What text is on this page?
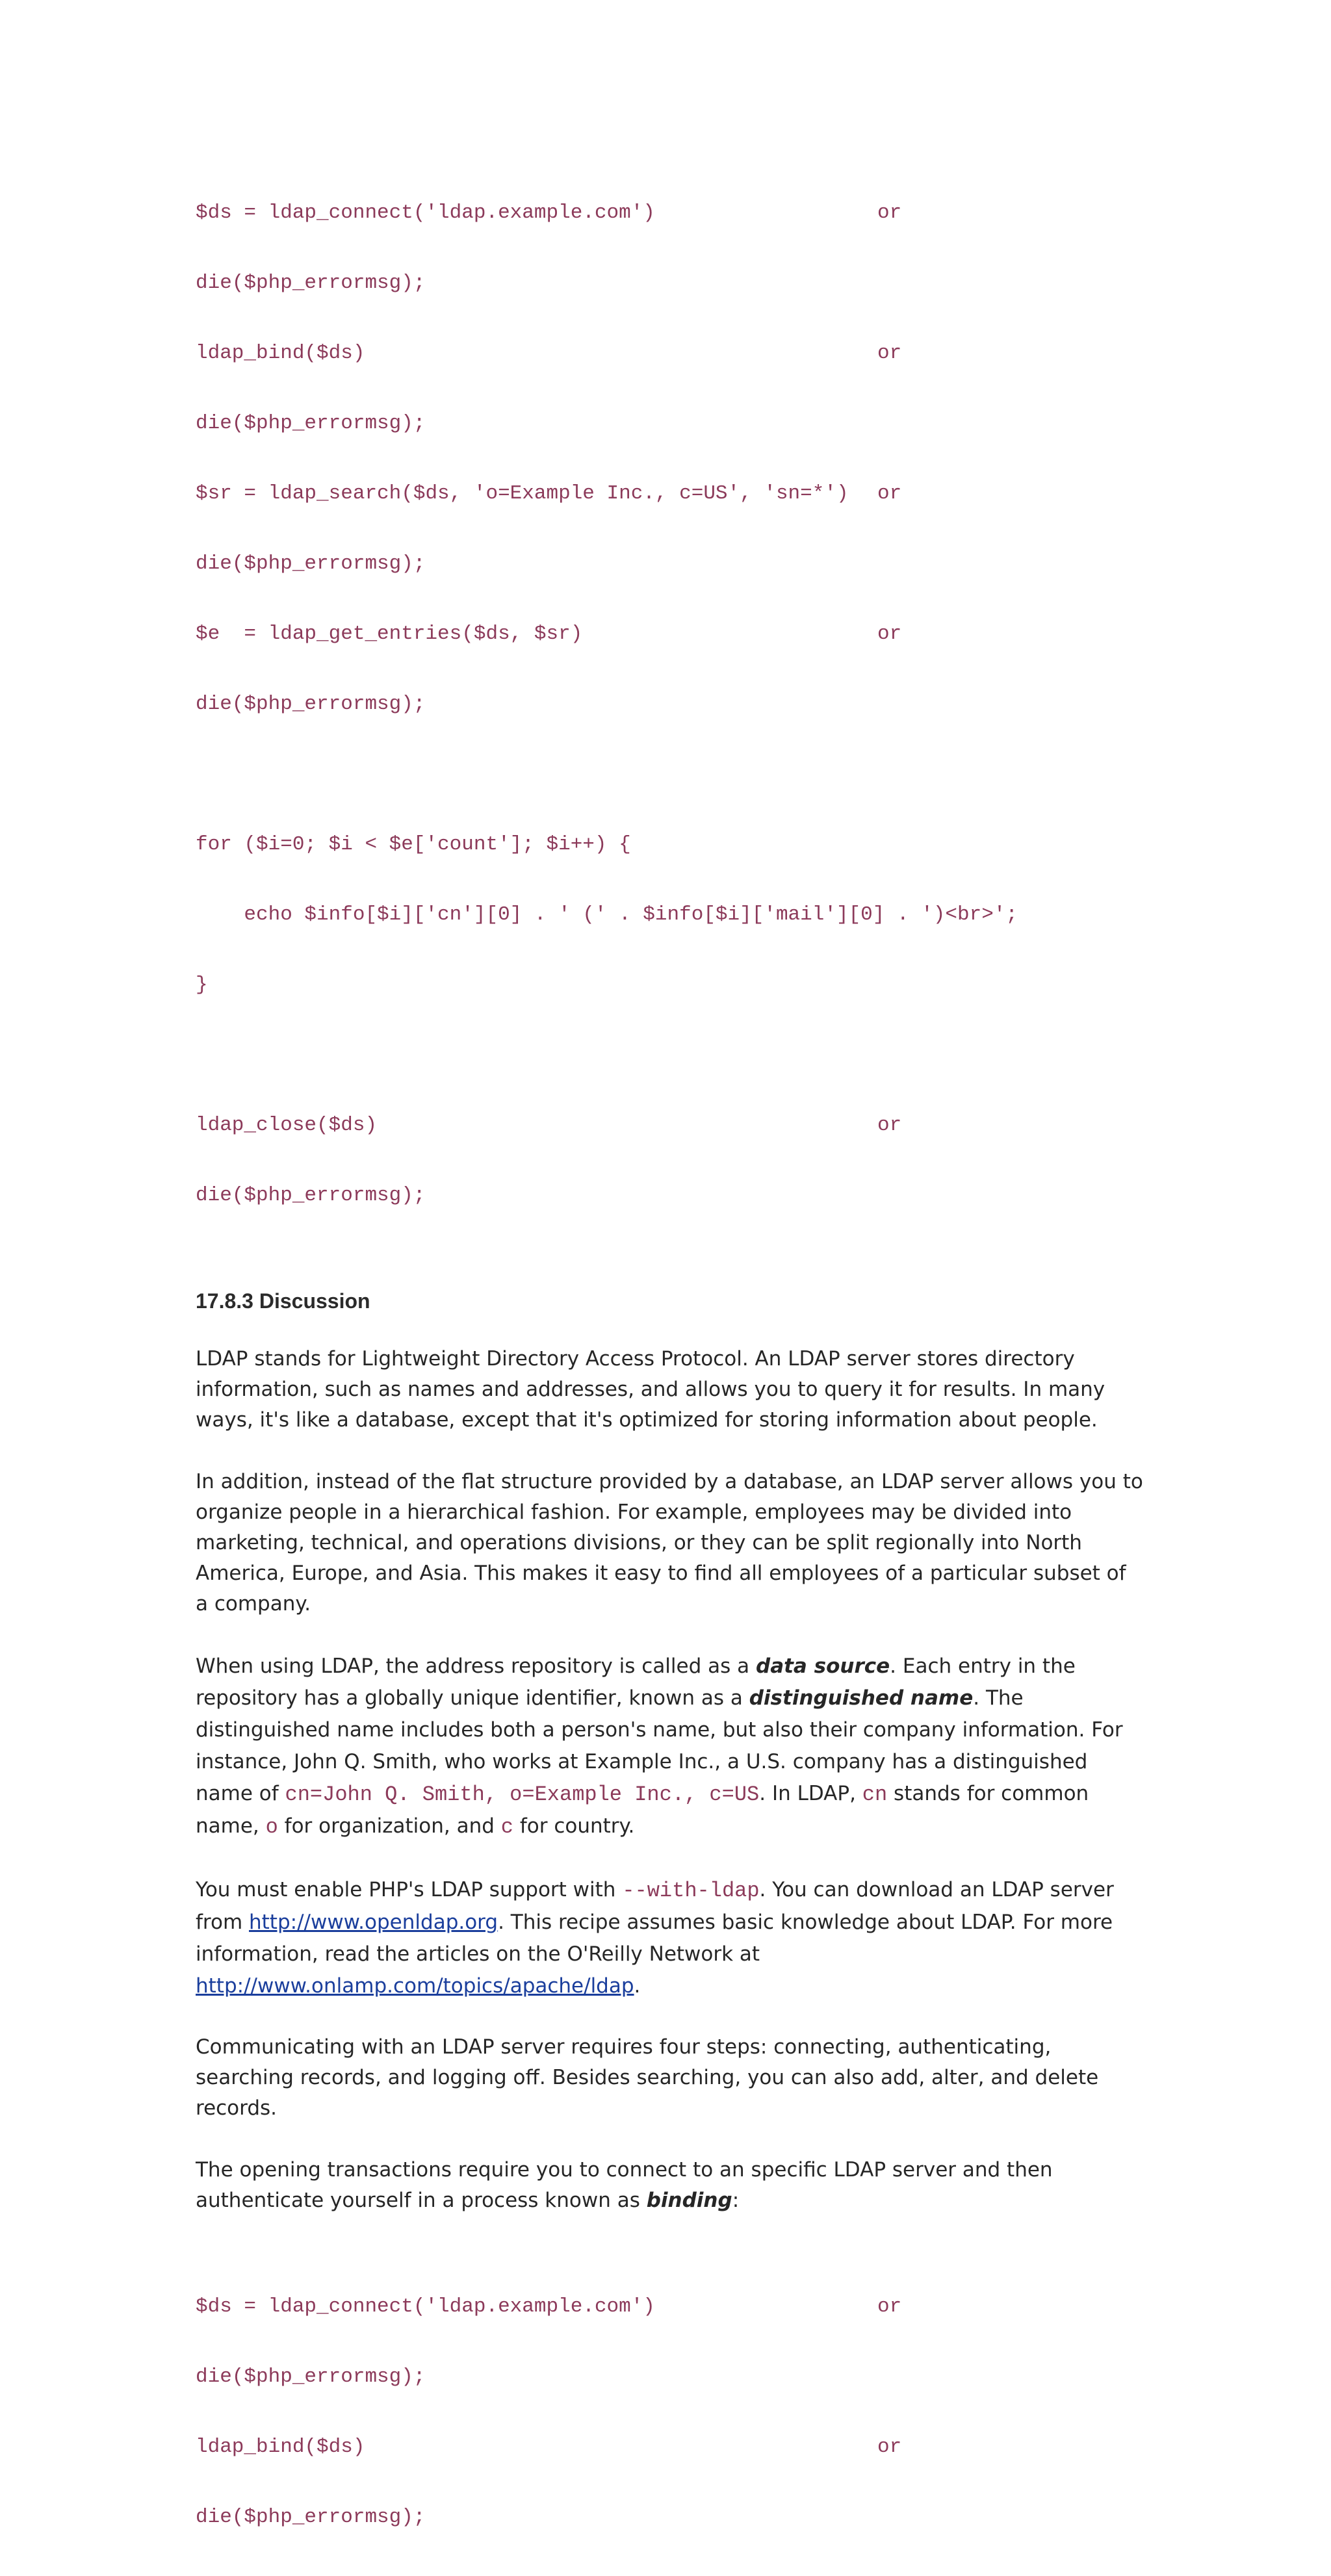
$ds = ldap_connect('ldap.example.com')	or

die($php_errormsg);

ldap_bind($ds)	or

die($php_errormsg);

$sr = ldap_search($ds, 'o=Example Inc., c=US', 'sn=*')	or

die($php_errormsg);

$e  = ldap_get_entries($ds, $sr)	or

die($php_errormsg);

for ($i=0; $i < $e['count']; $i++) {

echo $info[$i]['cn'][0] . ' (' . $info[$i]['mail'][0] . ')<br>';

}

ldap_close($ds)	or

die($php_errormsg);

17.8.3 Discussion

LDAP stands for Lightweight Directory Access Protocol. An LDAP server stores directory information, such as names and addresses, and allows you to query it for results. In many ways, it's like a database, except that it's optimized for storing information about people.

In addition, instead of the flat structure provided by a database, an LDAP server allows you to organize people in a hierarchical fashion. For example, employees may be divided into marketing, technical, and operations divisions, or they can be split regionally into North America, Europe, and Asia. This makes it easy to find all employees of a particular subset of a company.

When using LDAP, the address repository is called as a data source. Each entry in the repository has a globally unique identifier, known as a distinguished name. The distinguished name includes both a person's name, but also their company information. For instance, John Q. Smith, who works at Example Inc., a U.S. company has a distinguished name of cn=John Q. Smith, o=Example Inc., c=US. In LDAP, cn stands for common name, o for organization, and c for country.

You must enable PHP's LDAP support with --with-ldap. You can download an LDAP server from http://www.openldap.org. This recipe assumes basic knowledge about LDAP. For more information, read the articles on the O'Reilly Network at http://www.onlamp.com/topics/apache/ldap.

Communicating with an LDAP server requires four steps: connecting, authenticating, searching records, and logging off. Besides searching, you can also add, alter, and delete records.

The opening transactions require you to connect to an specific LDAP server and then authenticate yourself in a process known as binding:

$ds = ldap_connect('ldap.example.com')	or

die($php_errormsg);

ldap_bind($ds)	or

die($php_errormsg);
